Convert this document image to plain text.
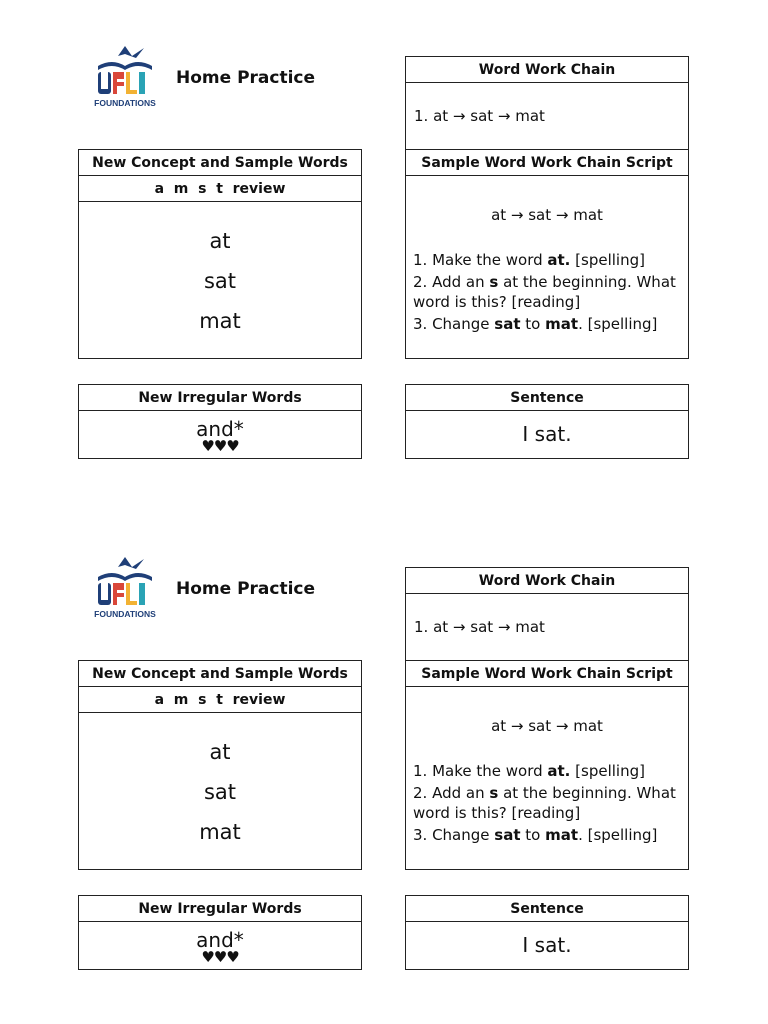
FOUNDATIONS
Home Practice	Word Work Chain
1. at → sat → mat
Sample Word Work Chain Script
at → sat → mat
1. Make the word at. [spelling]
2. Add an s at the beginning. What word is this? [reading]
3. Change sat to mat. [spelling]
New Concept and Sample Words
a  m  s  t  review
at
sat
mat
New Irregular Words
and*
♥♥♥
Sentence
I sat.
FOUNDATIONS
Home Practice	Word Work Chain
1. at → sat → mat
Sample Word Work Chain Script
at → sat → mat
1. Make the word at. [spelling]
2. Add an s at the beginning. What word is this? [reading]
3. Change sat to mat. [spelling]
New Concept and Sample Words
a  m  s  t  review
at
sat
mat
New Irregular Words
and*
♥♥♥
Sentence
I sat.
